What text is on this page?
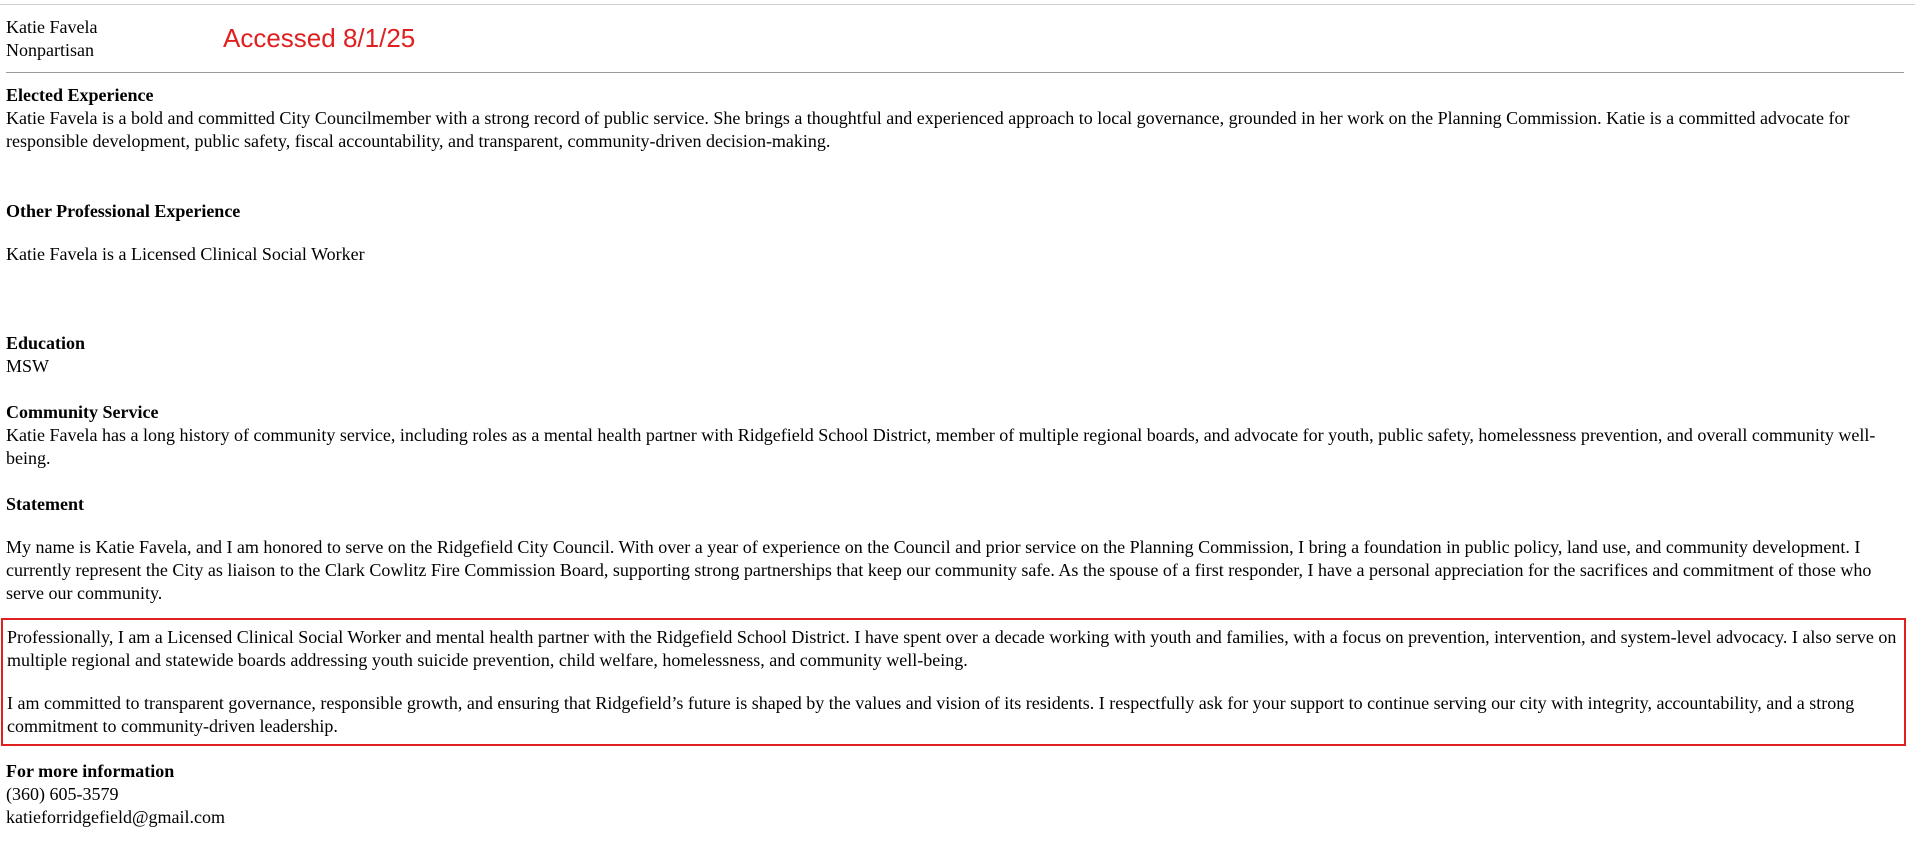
Katie Favela
Nonpartisan	Accessed 8/1/25
Elected Experience

Katie Favela is a bold and committed City Councilmember with a strong record of public service. She brings a thoughtful and experienced approach to local governance, grounded in her work on the Planning Commission. Katie is a committed advocate for responsible development, public safety, fiscal accountability, and transparent, community-driven decision-making.

Other Professional Experience

Katie Favela is a Licensed Clinical Social Worker

Education

MSW

Community Service

Katie Favela has a long history of community service, including roles as a mental health partner with Ridgefield School District, member of multiple regional boards, and advocate for youth, public safety, homelessness prevention, and overall community well-being.

Statement

My name is Katie Favela, and I am honored to serve on the Ridgefield City Council. With over a year of experience on the Council and prior service on the Planning Commission, I bring a foundation in public policy, land use, and community development. I currently represent the City as liaison to the Clark Cowlitz Fire Commission Board, supporting strong partnerships that keep our community safe. As the spouse of a first responder, I have a personal appreciation for the sacrifices and commitment of those who serve our community.

Professionally, I am a Licensed Clinical Social Worker and mental health partner with the Ridgefield School District. I have spent over a decade working with youth and families, with a focus on prevention, intervention, and system-level advocacy. I also serve on multiple regional and statewide boards addressing youth suicide prevention, child welfare, homelessness, and community well-being.

I am committed to transparent governance, responsible growth, and ensuring that Ridgefield’s future is shaped by the values and vision of its residents. I respectfully ask for your support to continue serving our city with integrity, accountability, and a strong commitment to community-driven leadership.

For more information
(360) 605-3579
katieforridgefield@gmail.com
